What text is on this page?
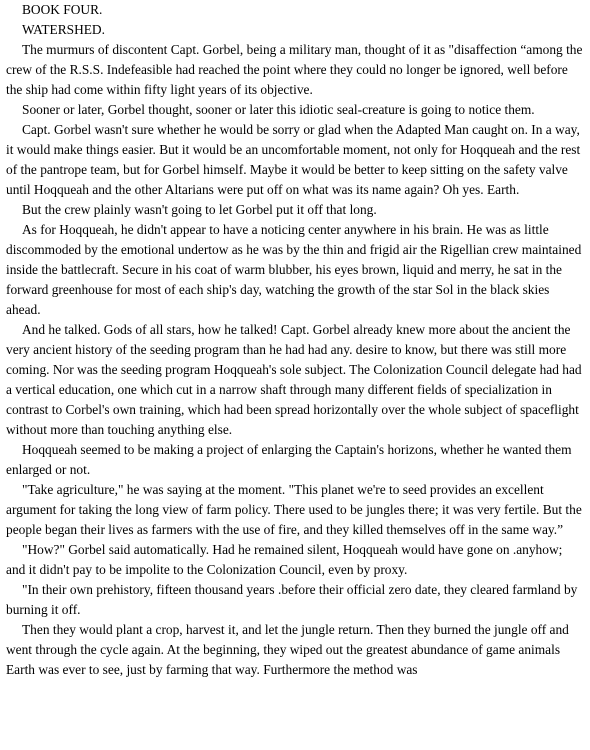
BOOK FOUR.

WATERSHED.

The murmurs of discontent Capt. Gorbel, being a military man, thought of it as "disaffection “among the crew of the R.S.S. Indefeasible had reached the point where they could no longer be ignored, well before the ship had come within fifty light years of its objective.

Sooner or later, Gorbel thought, sooner or later this idiotic seal-creature is going to notice them.

Capt. Gorbel wasn't sure whether he would be sorry or glad when the Adapted Man caught on. In a way, it would make things easier. But it would be an uncomfortable moment, not only for Hoqqueah and the rest of the pantrope team, but for Gorbel himself. Maybe it would be better to keep sitting on the safety valve until Hoqqueah and the other Altarians were put off on what was its name again? Oh yes. Earth.

But the crew plainly wasn't going to let Gorbel put it off that long.

As for Hoqqueah, he didn't appear to have a noticing center anywhere in his brain. He was as little discommoded by the emotional undertow as he was by the thin and frigid air the Rigellian crew maintained inside the battlecraft. Secure in his coat of warm blubber, his eyes brown, liquid and merry, he sat in the forward greenhouse for most of each ship's day, watching the growth of the star Sol in the black skies ahead.

And he talked. Gods of all stars, how he talked! Capt. Gorbel already knew more about the ancient the very ancient history of the seeding program than he had had any. desire to know, but there was still more coming. Nor was the seeding program Hoqqueah's sole subject. The Colonization Council delegate had had a vertical education, one which cut in a narrow shaft through many different fields of specialization in contrast to Corbel's own training, which had been spread horizontally over the whole subject of spaceflight without more than touching anything else.

Hoqqueah seemed to be making a project of enlarging the Captain's horizons, whether he wanted them enlarged or not.

"Take agriculture," he was saying at the moment. "This planet we're to seed provides an excellent argument for taking the long view of farm policy. There used to be jungles there; it was very fertile. But the people began their lives as farmers with the use of fire, and they killed themselves off in the same way.”

"How?" Gorbel said automatically. Had he remained silent, Hoqqueah would have gone on .anyhow; and it didn't pay to be impolite to the Colonization Council, even by proxy.

"In their own prehistory, fifteen thousand years .before their official zero date, they cleared farmland by burning it off.

Then they would plant a crop, harvest it, and let the jungle return. Then they burned the jungle off and went through the cycle again. At the beginning, they wiped out the greatest abundance of game animals Earth was ever to see, just by farming that way. Furthermore the method was
